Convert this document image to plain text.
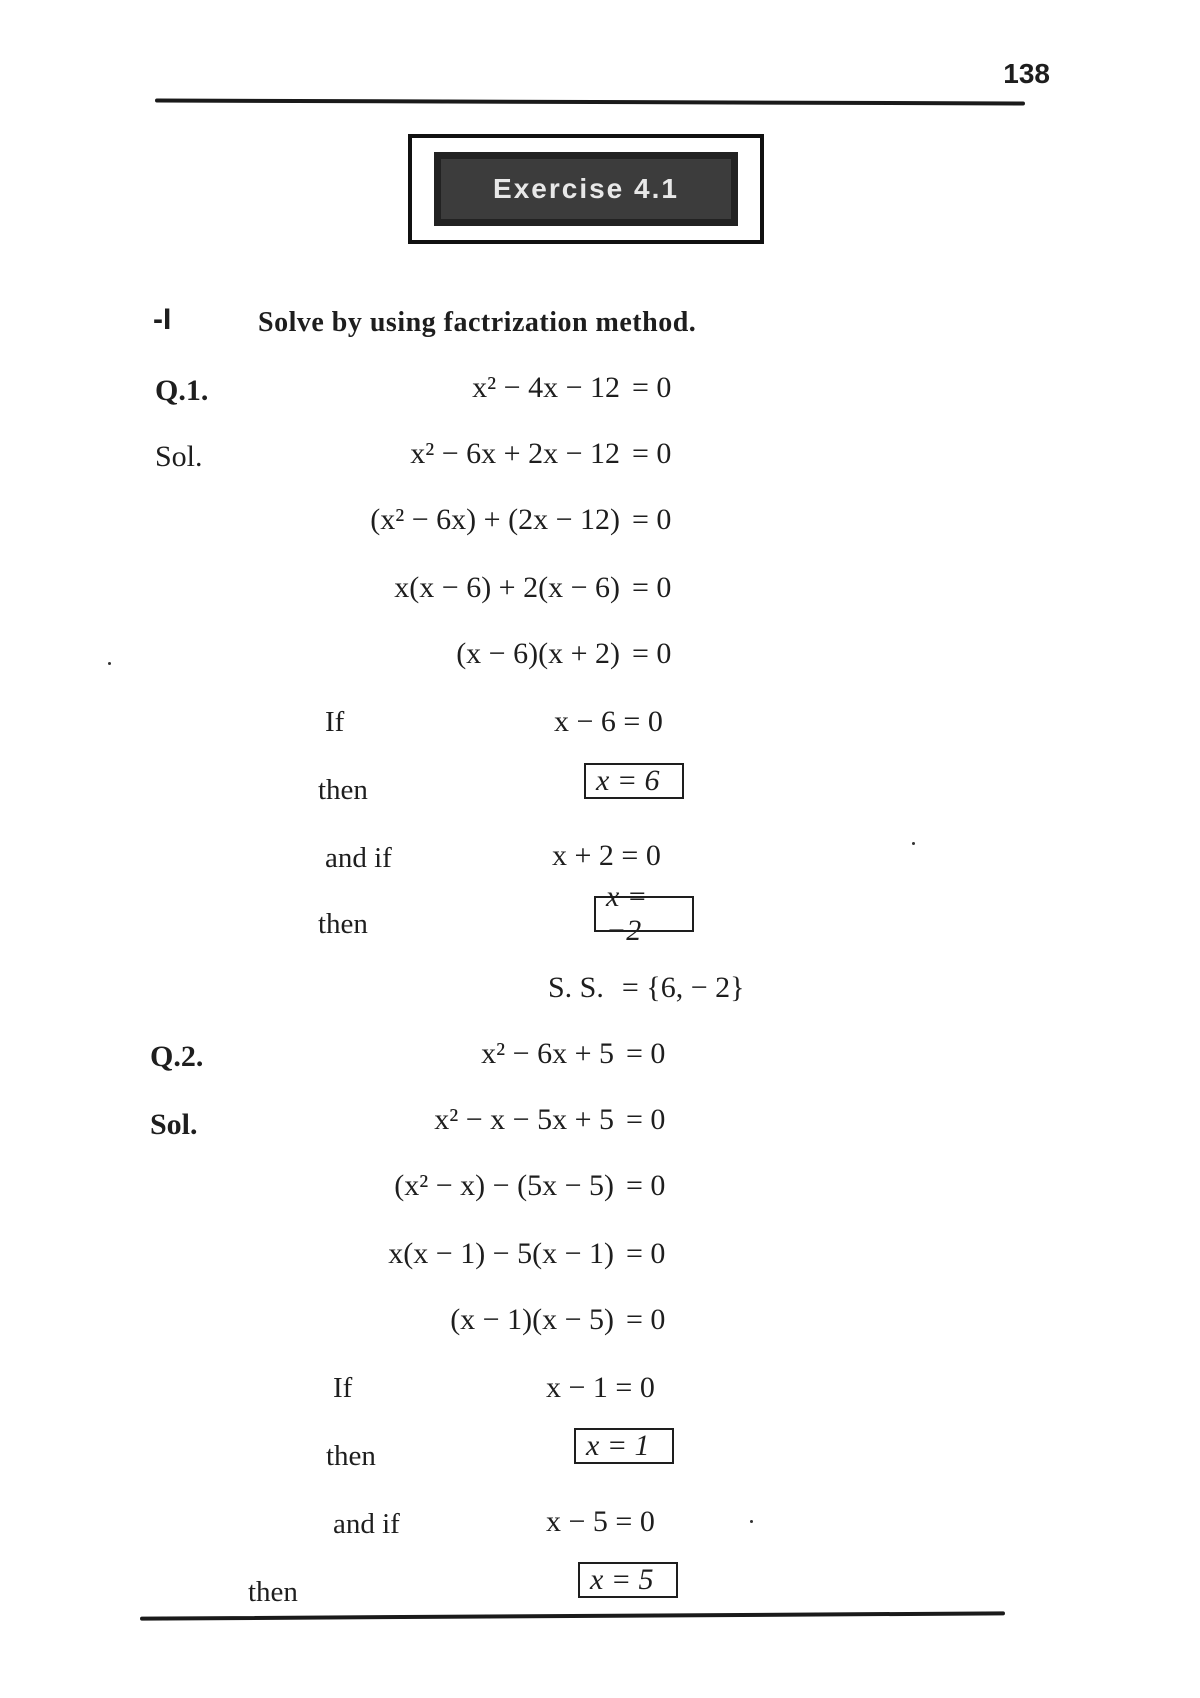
138
Exercise 4.1
-I	Solve by using factrization method.
Q.1.
Sol.
x² − 4x − 12 = 0
x² − 6x + 2x − 12 = 0
(x² − 6x) + (2x − 12) = 0
x(x − 6) + 2(x − 6) = 0
(x − 6)(x + 2) = 0
If	x − 6 = 0
then	x = 6
and if	x + 2 = 0
then
x = −2
S. S. = {6, − 2}
Q.2.
Sol.
x² − 6x + 5 = 0
x² − x − 5x + 5 = 0
(x² − x) − (5x − 5) = 0
x(x − 1) − 5(x − 1) = 0
(x − 1)(x − 5) = 0
If	x − 1 = 0
then	x = 1
and if	x − 5 = 0
then	x = 5
